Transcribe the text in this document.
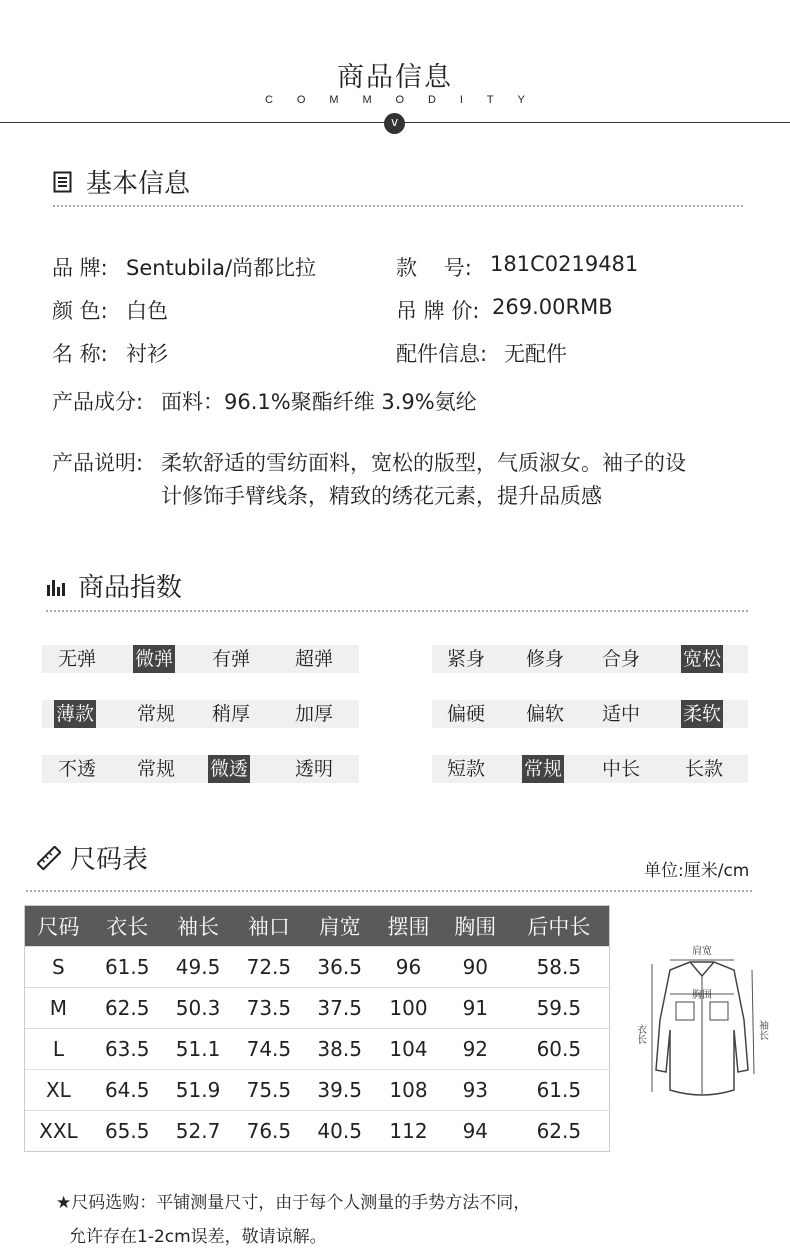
商品信息
C O M M O D I T Y
v
基本信息
品 牌: Sentubila/尚都比拉	款    号: 181C0219481
颜 色: 白色	吊 牌 价: 269.00RMB
名 称: 衬衫	配件信息: 无配件
产品成分: 面料：96.1%聚酯纤维 3.9%氨纶
产品说明: 柔软舒适的雪纺面料，宽松的版型，气质淑女。袖子的设
计修饰手臂线条，精致的绣花元素，提升品质感
商品指数
无弹 微弹 有弹 超弹	紧身 修身 合身 宽松
薄款 常规 稍厚 加厚	偏硬 偏软 适中 柔软
不透 常规 微透 透明	短款 常规 中长 长款
尺码表	单位:厘米/cm
尺码	衣长	袖长	袖口	肩宽	摆围	胸围	后中长
S	61.5	49.5	72.5	36.5	96	90	58.5
M	62.5	50.3	73.5	37.5	100	91	59.5
L	63.5	51.1	74.5	38.5	104	92	60.5
XL	64.5	51.9	75.5	39.5	108	93	61.5
XXL	65.5	52.7	76.5	40.5	112	94	62.5
肩宽
胸围
衣长	袖长
★尺码选购：平铺测量尺寸，由于每个人测量的手势方法不同，
允许存在1-2cm误差，敬请谅解。
